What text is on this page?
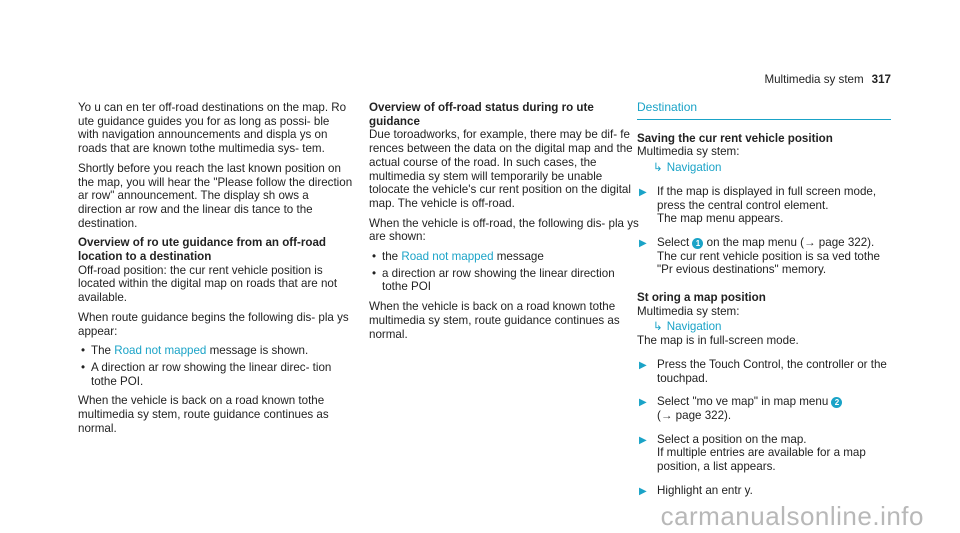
Multimedia sy stem 317

Yo u can en ter off-road destinations on the map. Ro ute guidance guides you for as long as possi‐ ble with navigation announcements and displa ys on roads that are known tothe multimedia sys‐ tem.

Shortly before you reach the last known position on the map, you will hear the "Please follow the direction ar row" announcement. The display sh ows a direction ar row and the linear dis tance to the destination.

Overview of ro ute guidance from an off-road location to a destination

Off-road position: the cur rent vehicle position is located within the digital map on roads that are not available.

When route guidance begins the following dis‐ pla ys appear:

• The Road not mapped message is shown.
• A direction ar row showing the linear direc‐ tion tothe POI.

When the vehicle is back on a road known tothe multimedia sy stem, route guidance continues as normal.

Overview of off-road status during ro ute guidance

Due toroadworks, for example, there may be dif‐ fe rences between the data on the digital map and the actual course of the road. In such cases, the multimedia sy stem will temporarily be unable tolocate the vehicle's cur rent position on the digital map. The vehicle is off-road.

When the vehicle is off-road, the following dis‐ pla ys are shown:

• the Road not mapped message
• a direction ar row showing the linear direction tothe POI

When the vehicle is back on a road known tothe multimedia sy stem, route guidance continues as normal.

Destination
Saving the cur rent vehicle position
Multimedia sy stem:
↳ Navigation
▶ If the map is displayed in full screen mode, press the central control element.
The map menu appears.
▶ Select 1 on the map menu (→ page 322).
The cur rent vehicle position is sa ved tothe "Pr evious destinations" memory.
St oring a map position
Multimedia sy stem:
↳ Navigation
The map is in full-screen mode.
▶ Press the Touch Control, the controller or the touchpad.
▶ Select "mo ve map" in map menu 2
(→ page 322).
▶ Select a position on the map.
If multiple entries are available for a map position, a list appears.
▶ Highlight an entr y.
carmanualsonline.info
